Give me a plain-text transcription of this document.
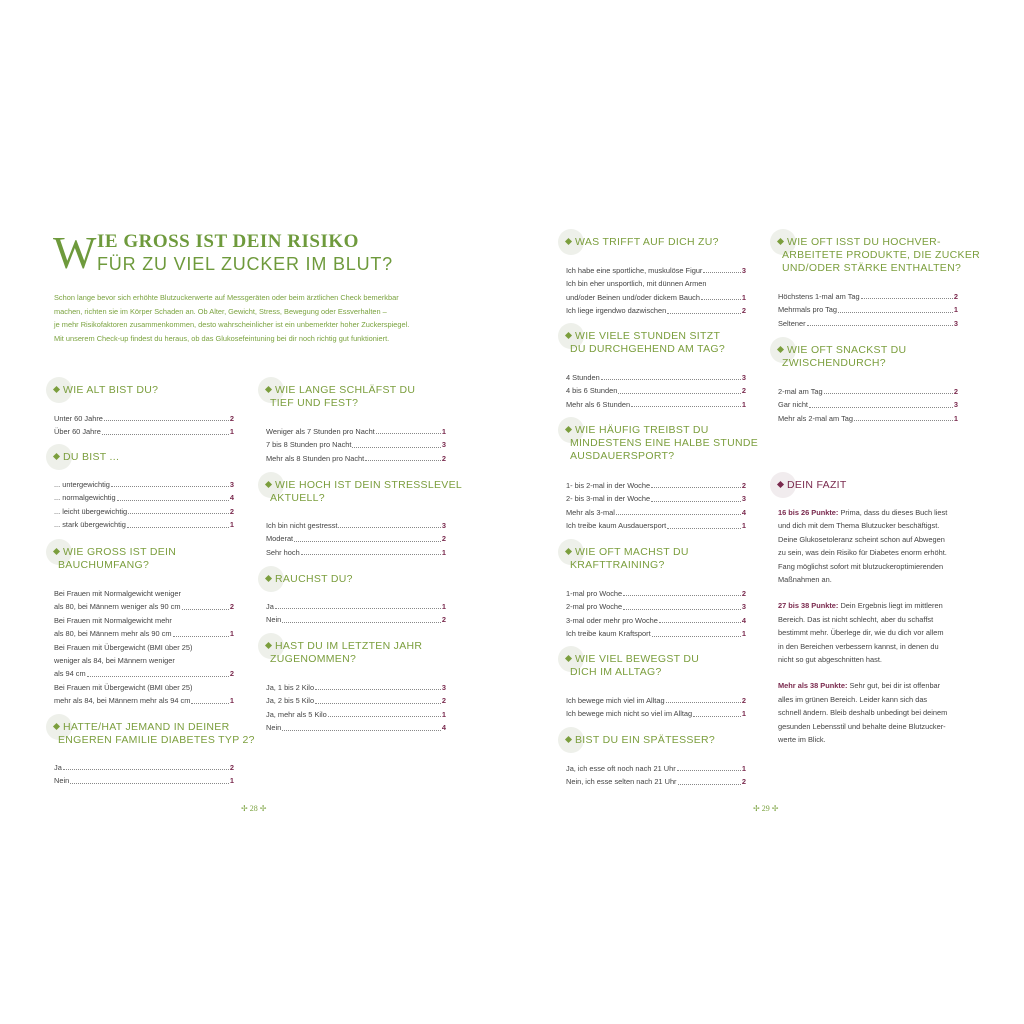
W IE GROSS IST DEIN RISIKO
FÜR ZU VIEL ZUCKER IM BLUT?
Schon lange bevor sich erhöhte Blutzuckerwerte auf Messgeräten oder beim ärztlichen Check bemerkbar
machen, richten sie im Körper Schaden an. Ob Alter, Gewicht, Stress, Bewegung oder Essverhalten –
je mehr Risikofaktoren zusammenkommen, desto wahrscheinlicher ist ein unbemerkter hoher Zuckerspiegel.
Mit unserem Check-up findest du heraus, ob das Glukosefeintuning bei dir noch richtig gut funktioniert.
WIE ALT BIST DU?
Unter 60 Jahre	2
Über 60 Jahre	1
DU BIST ...
... untergewichtig	3
... normalgewichtig	4
... leicht übergewichtig	2
... stark übergewichtig	1
WIE GROSS IST DEIN
BAUCHUMFANG?
Bei Frauen mit Normalgewicht weniger
als 80, bei Männern weniger als 90 cm	2
Bei Frauen mit Normalgewicht mehr
als 80, bei Männern mehr als 90 cm	1
Bei Frauen mit Übergewicht (BMI über 25)
weniger als 84, bei Männern weniger
als 94 cm	2
Bei Frauen mit Übergewicht (BMI über 25)
mehr als 84, bei Männern mehr als 94 cm	1
HATTE/HAT JEMAND IN DEINER
ENGEREN FAMILIE DIABETES TYP 2?
Ja	2
Nein	1
WIE LANGE SCHLÄFST DU
TIEF UND FEST?
Weniger als 7 Stunden pro Nacht	1
7 bis 8 Stunden pro Nacht	3
Mehr als 8 Stunden pro Nacht	2
WIE HOCH IST DEIN STRESSLEVEL
AKTUELL?
Ich bin nicht gestresst	3
Moderat	2
Sehr hoch	1
RAUCHST DU?
Ja	1
Nein	2
HAST DU IM LETZTEN JAHR
ZUGENOMMEN?
Ja, 1 bis 2 Kilo	3
Ja, 2 bis 5 Kilo	2
Ja, mehr als 5 Kilo	1
Nein	4
WAS TRIFFT AUF DICH ZU?
Ich habe eine sportliche, muskulöse Figur	3
Ich bin eher unsportlich, mit dünnen Armen
und/oder Beinen und/oder dickem Bauch	1
Ich liege irgendwo dazwischen	2
WIE VIELE STUNDEN SITZT
DU DURCHGEHEND AM TAG?
4 Stunden	3
4 bis 6 Stunden	2
Mehr als 6 Stunden	1
WIE HÄUFIG TREIBST DU
MINDESTENS EINE HALBE STUNDE
AUSDAUERSPORT?
1- bis 2-mal in der Woche	2
2- bis 3-mal in der Woche	3
Mehr als 3-mal	4
Ich treibe kaum Ausdauersport	1
WIE OFT MACHST DU
KRAFTTRAINING?
1-mal pro Woche	2
2-mal pro Woche	3
3-mal oder mehr pro Woche	4
Ich treibe kaum Kraftsport	1
WIE VIEL BEWEGST DU
DICH IM ALLTAG?
Ich bewege mich viel im Alltag	2
Ich bewege mich nicht so viel im Alltag	1
BIST DU EIN SPÄTESSER?
Ja, ich esse oft noch nach 21 Uhr	1
Nein, ich esse selten nach 21 Uhr	2
WIE OFT ISST DU HOCHVER-
ARBEITETE PRODUKTE, DIE ZUCKER
UND/ODER STÄRKE ENTHALTEN?
Höchstens 1-mal am Tag	2
Mehrmals pro Tag	1
Seltener	3
WIE OFT SNACKST DU
ZWISCHENDURCH?
2-mal am Tag	2
Gar nicht	3
Mehr als 2-mal am Tag	1
DEIN FAZIT
16 bis 26 Punkte: Prima, dass du dieses Buch liest
und dich mit dem Thema Blutzucker beschäftigst.
Deine Glukosetoleranz scheint schon auf Abwegen
zu sein, was dein Risiko für Diabetes enorm erhöht.
Fang möglichst sofort mit blutzuckeroptimierenden
Maßnahmen an.
27 bis 38 Punkte: Dein Ergebnis liegt im mittleren
Bereich. Das ist nicht schlecht, aber du schaffst
bestimmt mehr. Überlege dir, wie du dich vor allem
in den Bereichen verbessern kannst, in denen du
nicht so gut abgeschnitten hast.
Mehr als 38 Punkte: Sehr gut, bei dir ist offenbar
alles im grünen Bereich. Leider kann sich das
schnell ändern. Bleib deshalb unbedingt bei deinem
gesunden Lebensstil und behalte deine Blutzucker-
werte im Blick.
✢ 28 ✢	✢ 29 ✢
